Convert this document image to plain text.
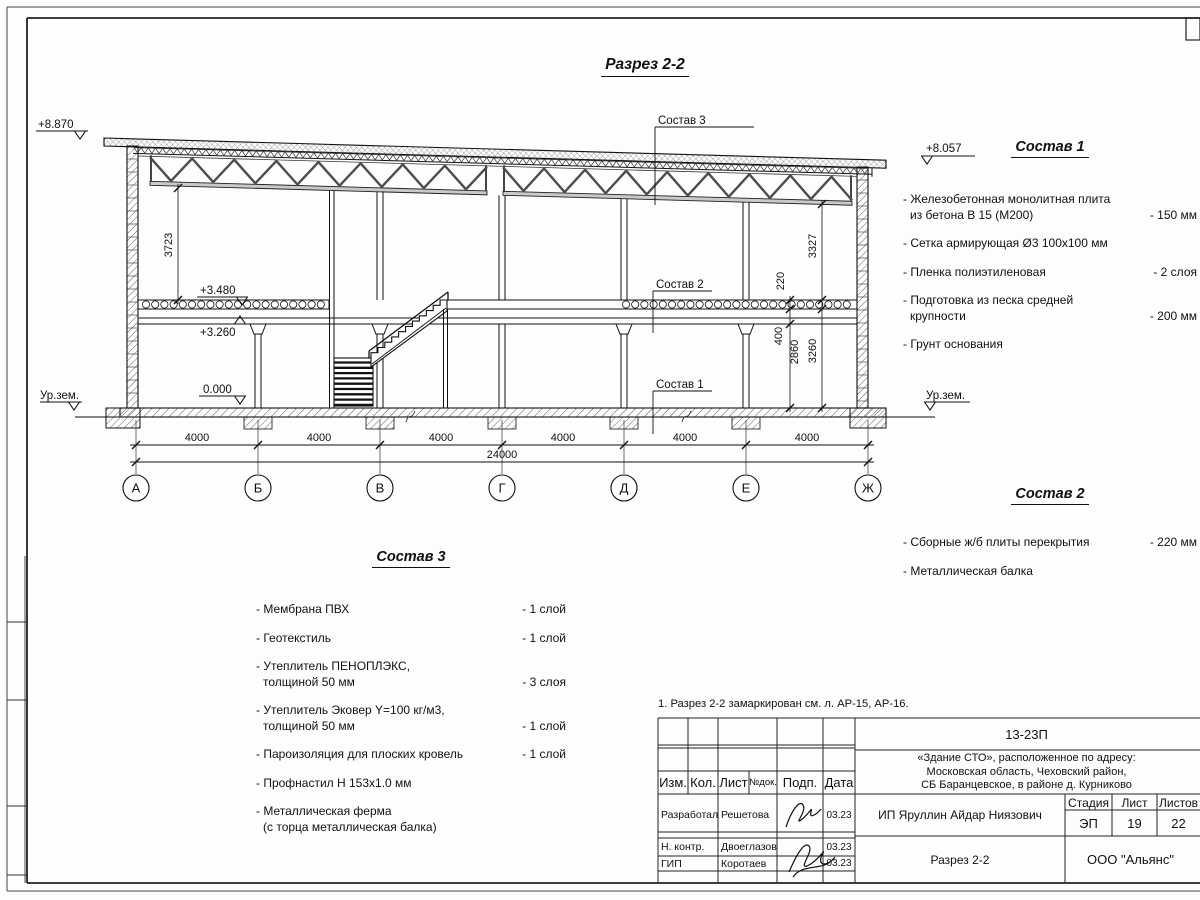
4000	4000	4000	4000	4000	4000
А	Б	В	Г	Д	Е	Ж
+8.870
Ур.зем.
+3.480
+3.260
0.000
+8.057
Ур.зем.
Состав 3
Состав 2
Состав 1
3723	3327
220
400
2860 3260
24000
Разрез 2-2
Состав 1
- Железобетонная монолитная плита
из бетона В 15 (М200)	- 150 мм
- Сетка армирующая Ø3 100х100 мм
- Пленка полиэтиленовая	- 2 слоя
- Подготовка из песка средней
крупности	- 200 мм
- Грунт основания
Состав 2
- Сборные ж/б плиты перекрытия	- 220 мм
- Металлическая балка
Состав 3
- Мембрана ПВХ	- 1 слой
- Геотекстиль	- 1 слой
- Утеплитель ПЕНОПЛЭКС,
толщиной 50 мм	- 3 слоя
- Утеплитель Эковер Y=100 кг/м3,
толщиной 50 мм	- 1 слой
- Пароизоляция для плоских кровель	- 1 слой
- Профнастил Н 153х1.0 мм
- Металлическая ферма
(с торца металлическая балка)
1. Разрез 2-2 замаркирован см. л. АР-15, АР-16.
13-23П
«Здание СТО», расположенное по адресу:
Московская область, Чеховский район,
СБ Баранцевское, в районе д. Курниково
ИП Яруллин Айдар Ниязович
Стадия	Лист Листов
ЭП	19	22
Разрез 2-2	ООО "Альянс"
Изм. Кол. Лист №док. Подп. Дата
Разработал Решетова	03.23
Н. контр.	Двоеглазов	03.23
ГИП	Коротаев	03.23
